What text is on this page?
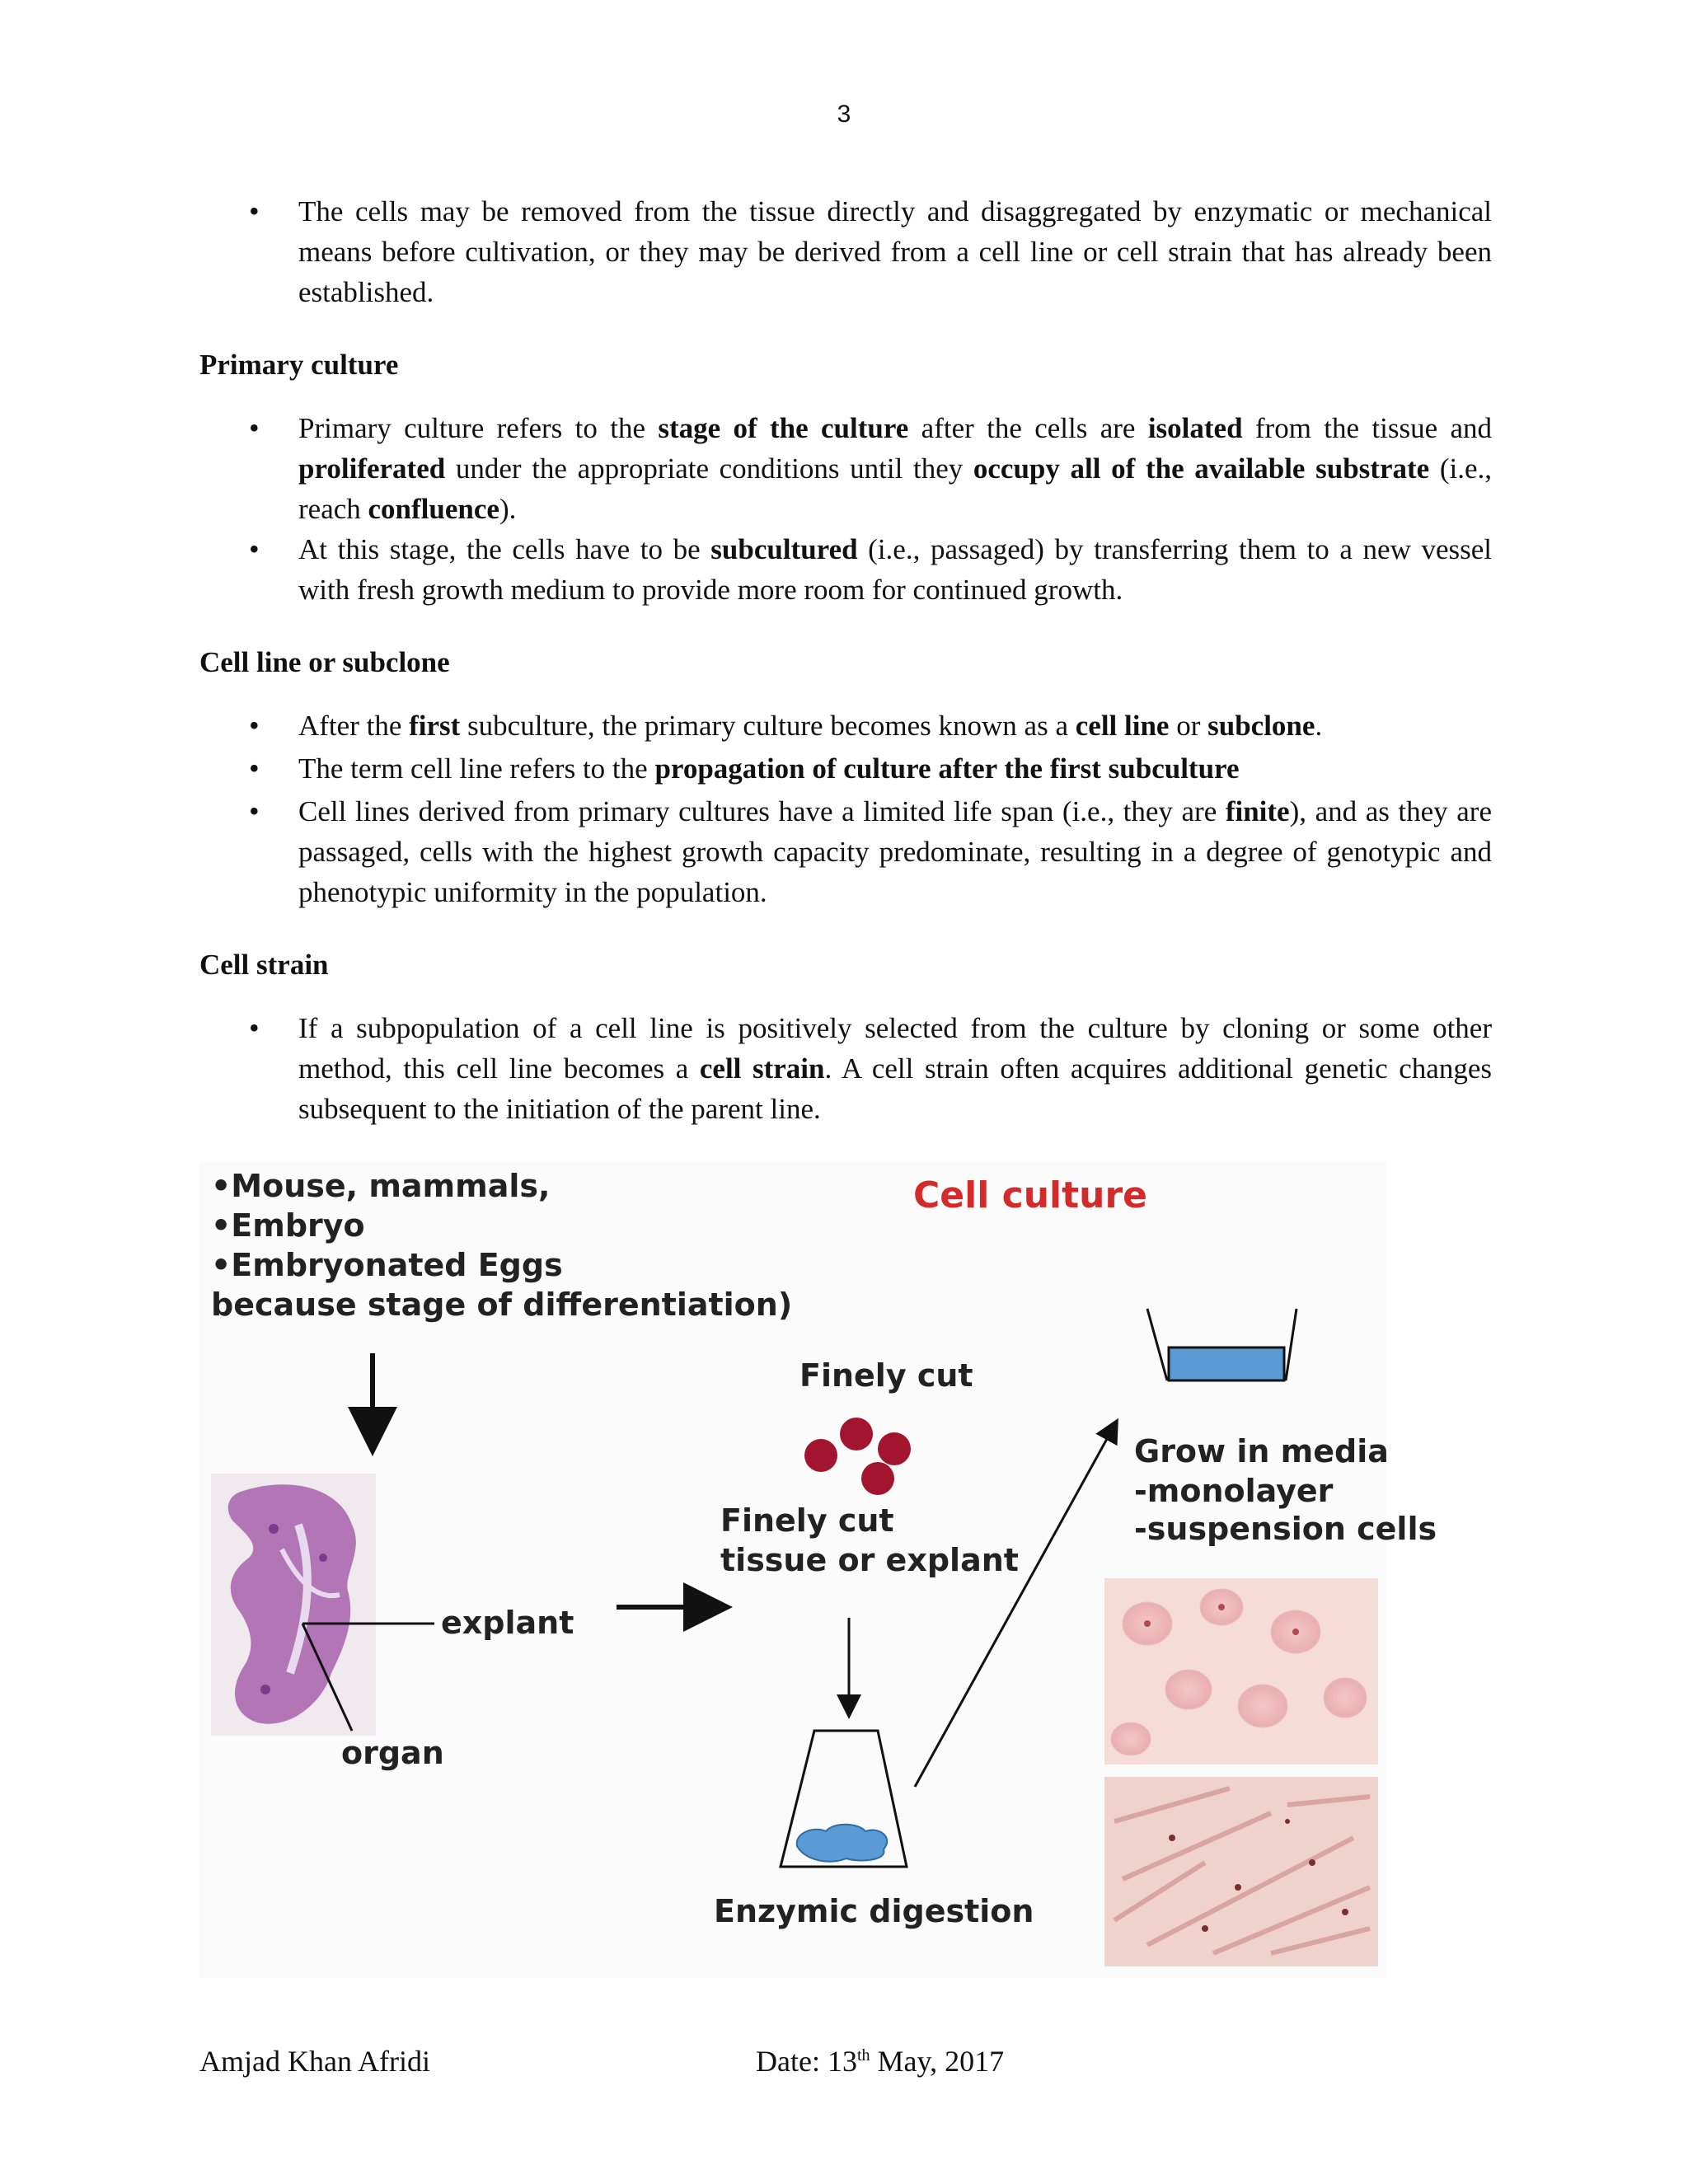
3
• The cells may be removed from the tissue directly and disaggregated by enzymatic or mechanical means before cultivation, or they may be derived from a cell line or cell strain that has already been established.

Primary culture

• Primary culture refers to the stage of the culture after the cells are isolated from the tissue and proliferated under the appropriate conditions until they occupy all of the available substrate (i.e., reach confluence).
• At this stage, the cells have to be subcultured (i.e., passaged) by transferring them to a new vessel with fresh growth medium to provide more room for continued growth.

Cell line or subclone

• After the first subculture, the primary culture becomes known as a cell line or subclone.
• The term cell line refers to the propagation of culture after the first subculture
• Cell lines derived from primary cultures have a limited life span (i.e., they are finite), and as they are passaged, cells with the highest growth capacity predominate, resulting in a degree of genotypic and phenotypic uniformity in the population.

Cell strain

• If a subpopulation of a cell line is positively selected from the culture by cloning or some other method, this cell line becomes a cell strain. A cell strain often acquires additional genetic changes subsequent to the initiation of the parent line.
•Mouse, mammals,
•Embryo
•Embryonated Eggs
because stage of differentiation)
Cell culture
explant
organ
Finely cut
Finely cut
tissue or explant
Enzymic digestion
Grow in media
-monolayer
-suspension cells
Amjad Khan Afridi	Date: 13th May, 2017
